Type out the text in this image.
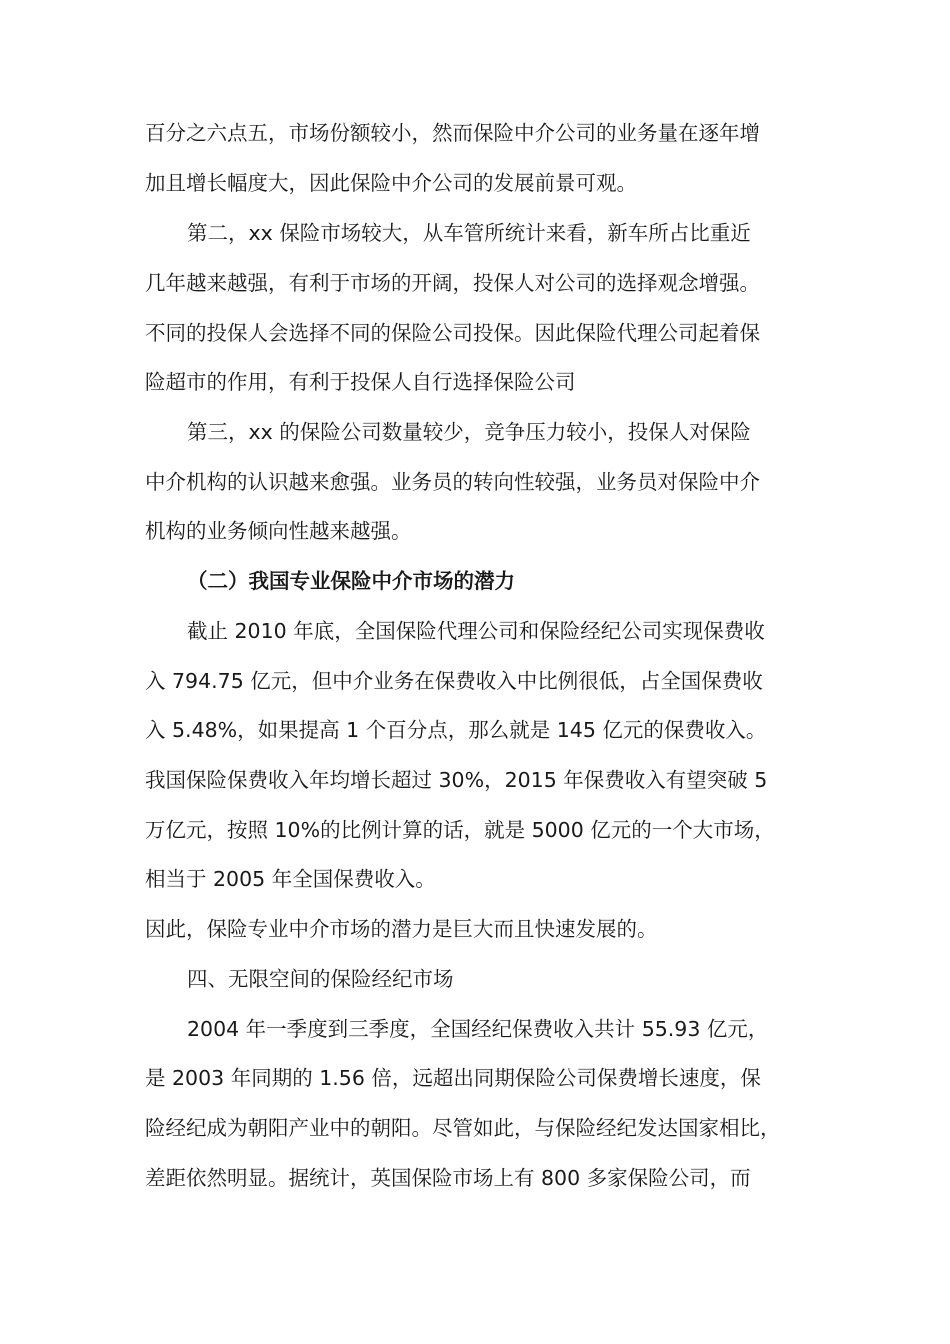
百分之六点五，市场份额较小，然而保险中介公司的业务量在逐年增
加且增长幅度大，因此保险中介公司的发展前景可观。
第二，xx 保险市场较大，从车管所统计来看，新车所占比重近
几年越来越强，有利于市场的开阔，投保人对公司的选择观念增强。
不同的投保人会选择不同的保险公司投保。因此保险代理公司起着保
险超市的作用，有利于投保人自行选择保险公司
第三，xx 的保险公司数量较少，竞争压力较小，投保人对保险
中介机构的认识越来愈强。业务员的转向性较强，业务员对保险中介
机构的业务倾向性越来越强。
（二）我国专业保险中介市场的潜力
截止 2010 年底，全国保险代理公司和保险经纪公司实现保费收
入 794.75 亿元，但中介业务在保费收入中比例很低，占全国保费收
入 5.48%，如果提高 1 个百分点，那么就是 145 亿元的保费收入。
我国保险保费收入年均增长超过 30%，2015 年保费收入有望突破 5
万亿元，按照 10%的比例计算的话，就是 5000 亿元的一个大市场，
相当于 2005 年全国保费收入。
因此，保险专业中介市场的潜力是巨大而且快速发展的。
四、无限空间的保险经纪市场
2004 年一季度到三季度，全国经纪保费收入共计 55.93 亿元，
是 2003 年同期的 1.56 倍，远超出同期保险公司保费增长速度，保
险经纪成为朝阳产业中的朝阳。尽管如此，与保险经纪发达国家相比，
差距依然明显。据统计，英国保险市场上有 800 多家保险公司，而
